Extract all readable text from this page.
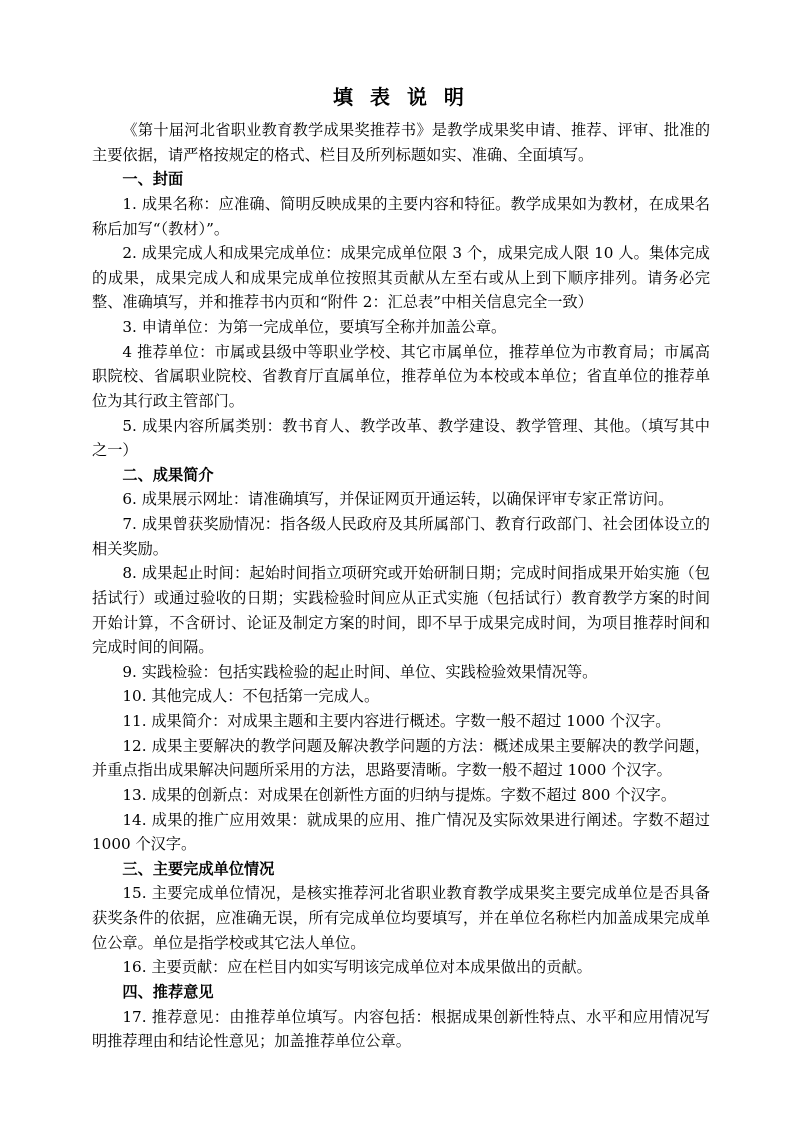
填 表 说 明

《第十届河北省职业教育教学成果奖推荐书》是教学成果奖申请、推荐、评审、批准的主要依据，请严格按规定的格式、栏目及所列标题如实、准确、全面填写。

一、封面

1. 成果名称：应准确、简明反映成果的主要内容和特征。教学成果如为教材，在成果名称后加写“（教材）”。

2. 成果完成人和成果完成单位：成果完成单位限 3 个，成果完成人限 10 人。集体完成的成果，成果完成人和成果完成单位按照其贡献从左至右或从上到下顺序排列。请务必完整、准确填写，并和推荐书内页和“附件 2：汇总表”中相关信息完全一致）

3. 申请单位：为第一完成单位，要填写全称并加盖公章。

4 推荐单位：市属或县级中等职业学校、其它市属单位，推荐单位为市教育局；市属高职院校、省属职业院校、省教育厅直属单位，推荐单位为本校或本单位；省直单位的推荐单位为其行政主管部门。

5. 成果内容所属类别：教书育人、教学改革、教学建设、教学管理、其他。（填写其中之一）

二、成果简介

6. 成果展示网址：请准确填写，并保证网页开通运转，以确保评审专家正常访问。

7. 成果曾获奖励情况：指各级人民政府及其所属部门、教育行政部门、社会团体设立的相关奖励。

8. 成果起止时间：起始时间指立项研究或开始研制日期；完成时间指成果开始实施（包括试行）或通过验收的日期；实践检验时间应从正式实施（包括试行）教育教学方案的时间开始计算，不含研讨、论证及制定方案的时间，即不早于成果完成时间，为项目推荐时间和完成时间的间隔。

9. 实践检验：包括实践检验的起止时间、单位、实践检验效果情况等。

10. 其他完成人：不包括第一完成人。

11. 成果简介：对成果主题和主要内容进行概述。字数一般不超过 1000 个汉字。

12. 成果主要解决的教学问题及解决教学问题的方法：概述成果主要解决的教学问题，并重点指出成果解决问题所采用的方法，思路要清晰。字数一般不超过 1000 个汉字。

13. 成果的创新点：对成果在创新性方面的归纳与提炼。字数不超过 800 个汉字。

14. 成果的推广应用效果：就成果的应用、推广情况及实际效果进行阐述。字数不超过 1000 个汉字。

三、主要完成单位情况

15. 主要完成单位情况，是核实推荐河北省职业教育教学成果奖主要完成单位是否具备获奖条件的依据，应准确无误，所有完成单位均要填写，并在单位名称栏内加盖成果完成单位公章。单位是指学校或其它法人单位。

16. 主要贡献：应在栏目内如实写明该完成单位对本成果做出的贡献。

四、推荐意见

17. 推荐意见：由推荐单位填写。内容包括：根据成果创新性特点、水平和应用情况写明推荐理由和结论性意见；加盖推荐单位公章。
